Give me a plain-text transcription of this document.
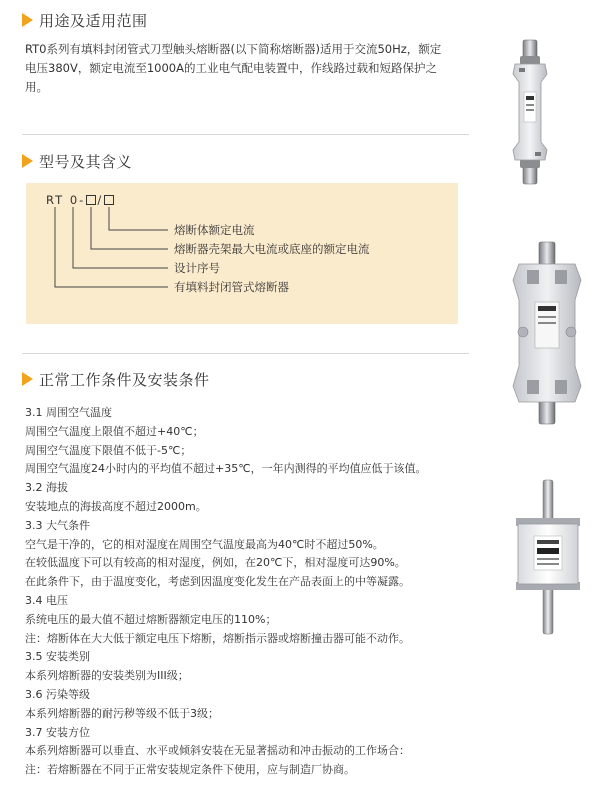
用途及适用范围
RT0系列有填料封闭管式刀型触头熔断器(以下简称熔断器)适用于交流50Hz，额定电压380V，额定电流至1000A的工业电气配电装置中，作线路过载和短路保护之用。
型号及其含义
RT 0- /
熔断体额定电流
熔断器壳架最大电流或底座的额定电流
设计序号
有填料封闭管式熔断器
正常工作条件及安装条件
3.1 周围空气温度
周围空气温度上限值不超过+40℃；
周围空气温度下限值不低于-5℃；
周围空气温度24小时内的平均值不超过+35℃，一年内测得的平均值应低于该值。
3.2 海拔
安装地点的海拔高度不超过2000m。
3.3 大气条件
空气是干净的，它的相对湿度在周围空气温度最高为40℃时不超过50%。
在较低温度下可以有较高的相对湿度，例如，在20℃下，相对湿度可达90%。
在此条件下，由于温度变化，考虑到因温度变化发生在产品表面上的中等凝露。
3.4 电压
系统电压的最大值不超过熔断器额定电压的110%；
注：熔断体在大大低于额定电压下熔断，熔断指示器或熔断撞击器可能不动作。
3.5 安装类别
本系列熔断器的安装类别为III级；
3.6 污染等级
本系列熔断器的耐污秽等级不低于3级；
3.7 安装方位
本系列熔断器可以垂直、水平或倾斜安装在无显著摇动和冲击振动的工作场合：
注：若熔断器在不同于正常安装规定条件下使用，应与制造厂协商。
